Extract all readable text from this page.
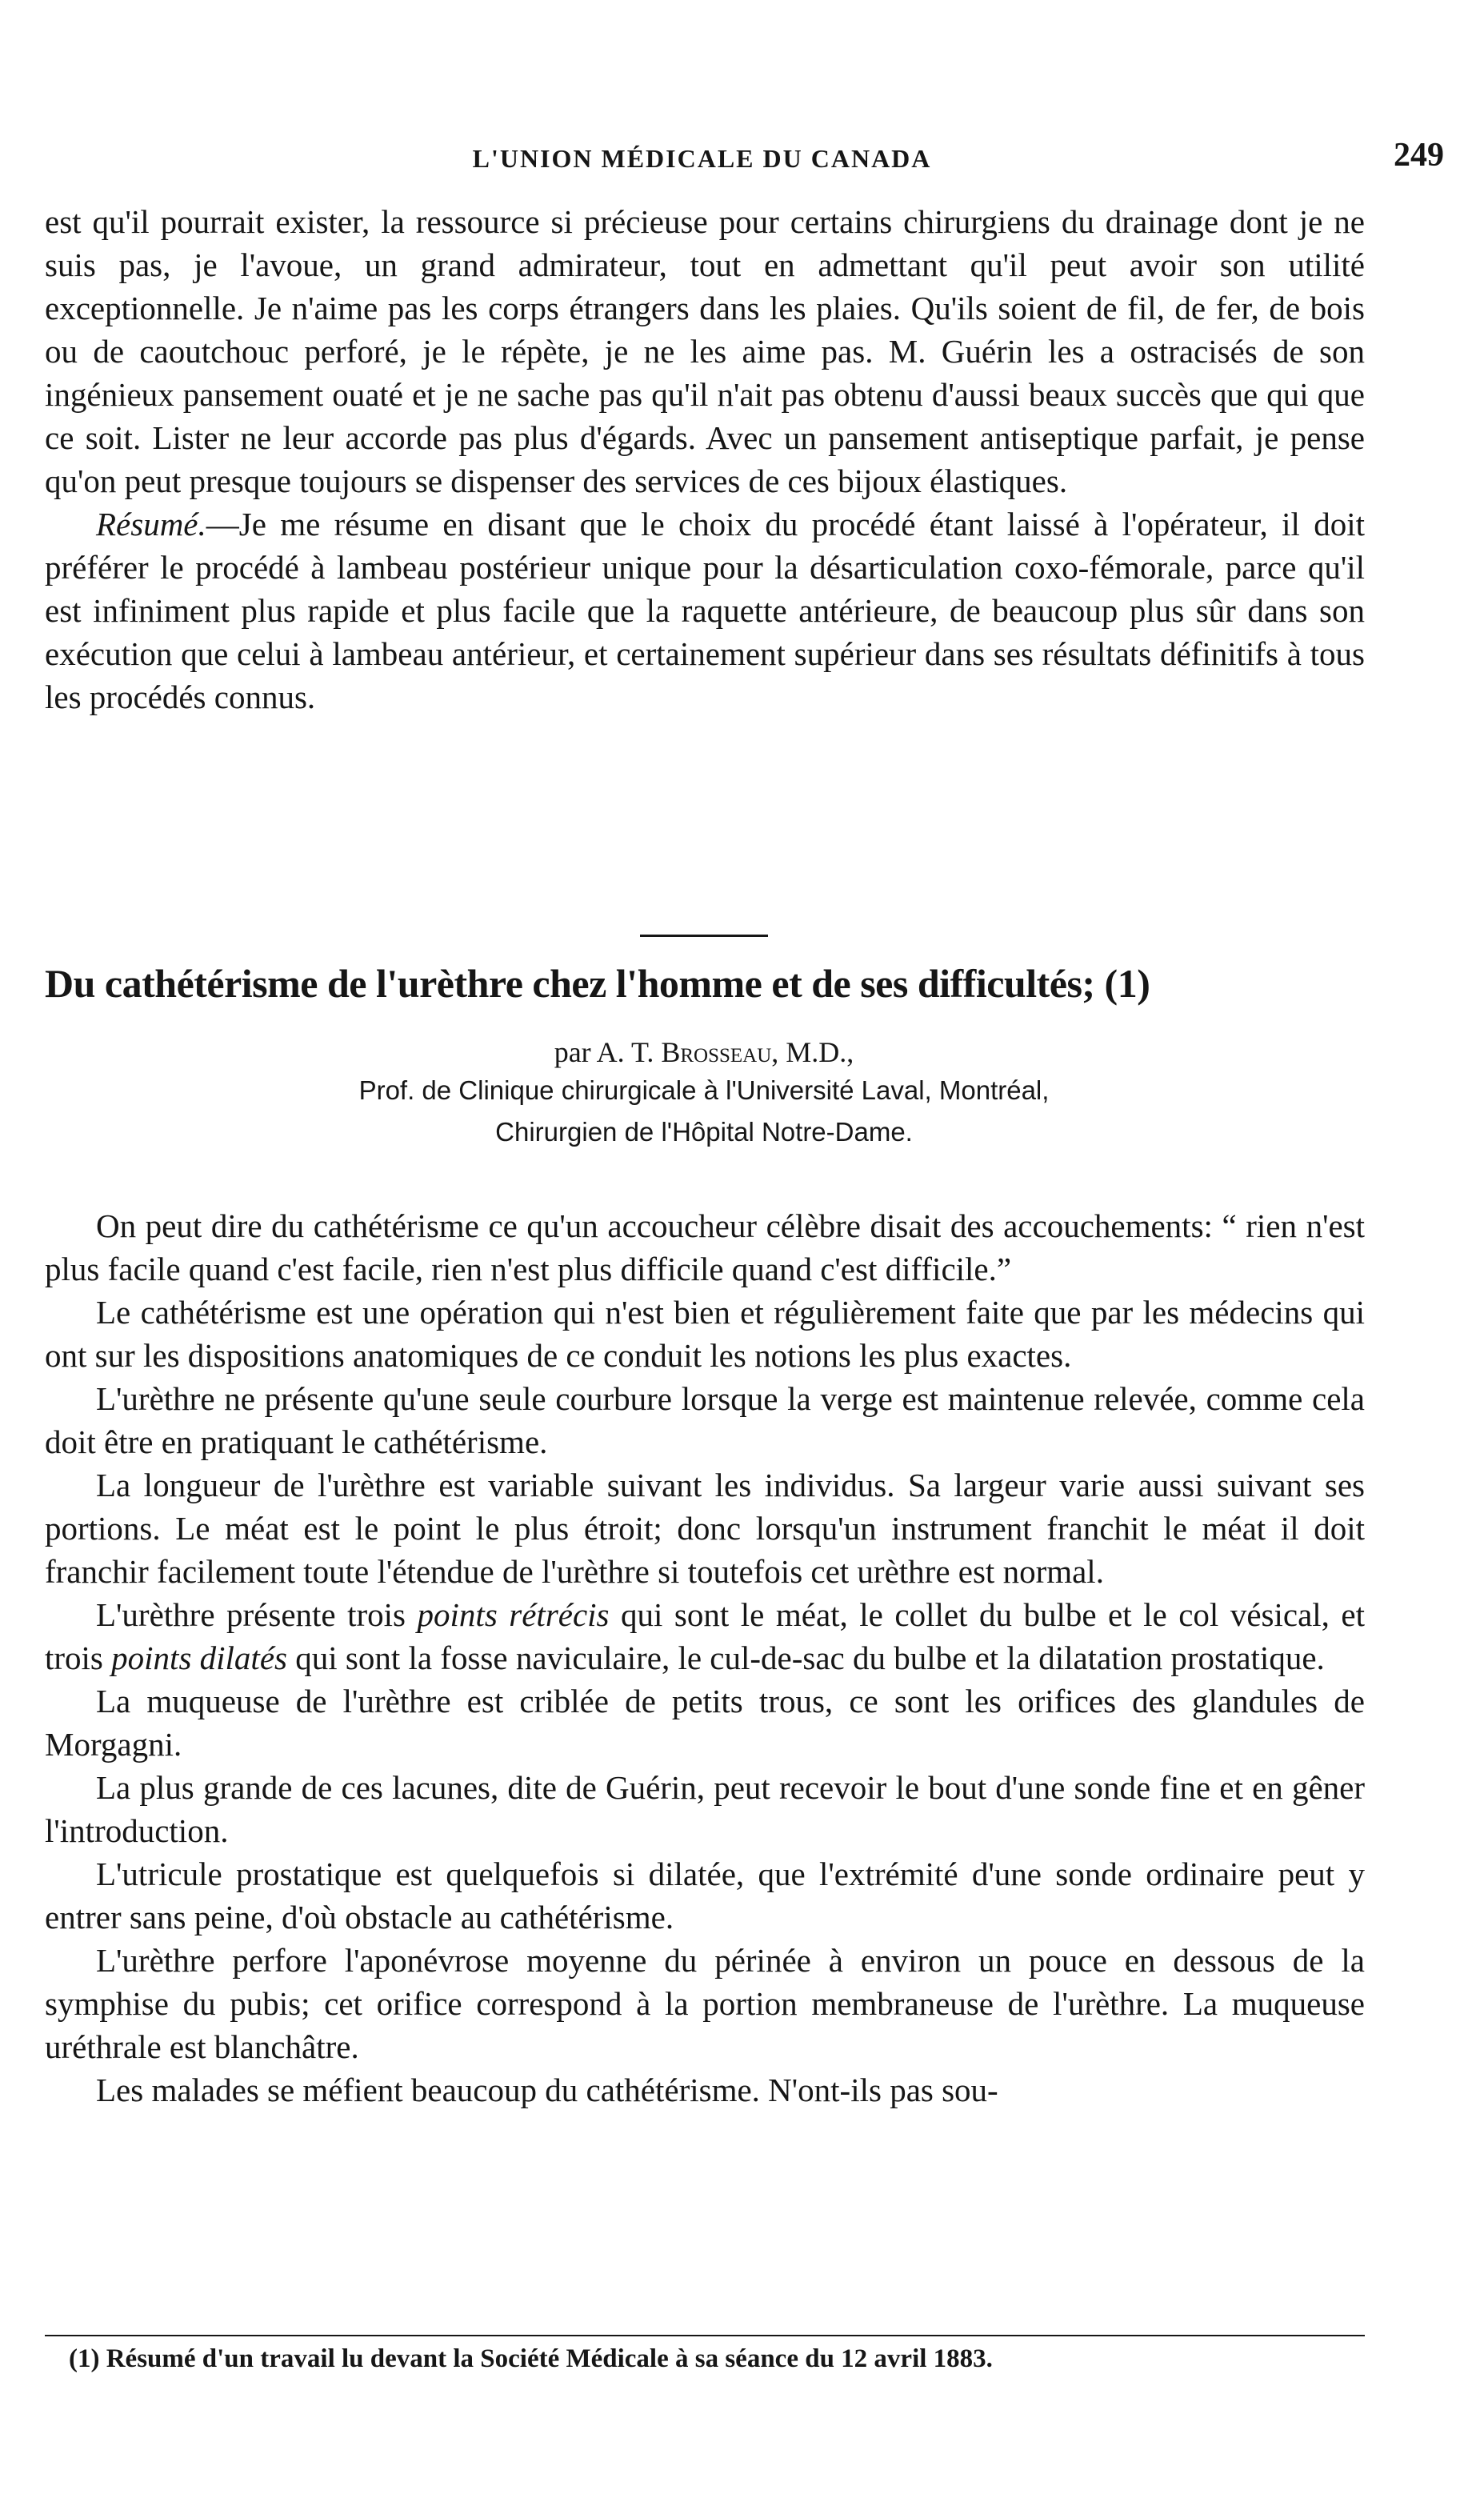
L'UNION MÉDICALE DU CANADA	249

est qu'il pourrait exister, la ressource si précieuse pour certains chirurgiens du drainage dont je ne suis pas, je l'avoue, un grand admirateur, tout en admettant qu'il peut avoir son utilité exceptionnelle. Je n'aime pas les corps étrangers dans les plaies. Qu'ils soient de fil, de fer, de bois ou de caoutchouc perforé, je le répète, je ne les aime pas. M. Guérin les a ostracisés de son ingénieux pansement ouaté et je ne sache pas qu'il n'ait pas obtenu d'aussi beaux succès que qui que ce soit. Lister ne leur accorde pas plus d'égards. Avec un pansement antiseptique parfait, je pense qu'on peut presque toujours se dispenser des services de ces bijoux élastiques.

Résumé.—Je me résume en disant que le choix du procédé étant laissé à l'opérateur, il doit préférer le procédé à lambeau postérieur unique pour la désarticulation coxo-fémorale, parce qu'il est infiniment plus rapide et plus facile que la raquette antérieure, de beaucoup plus sûr dans son exécution que celui à lambeau antérieur, et certainement supérieur dans ses résultats définitifs à tous les procédés connus.

Du cathétérisme de l'urèthre chez l'homme et de ses difficultés; (1)
par A. T. Brosseau, M.D.,
Prof. de Clinique chirurgicale à l'Université Laval, Montréal,
Chirurgien de l'Hôpital Notre-Dame.

On peut dire du cathétérisme ce qu'un accoucheur célèbre disait des accouchements: “ rien n'est plus facile quand c'est facile, rien n'est plus difficile quand c'est difficile.”

Le cathétérisme est une opération qui n'est bien et régulièrement faite que par les médecins qui ont sur les dispositions anatomiques de ce conduit les notions les plus exactes.

L'urèthre ne présente qu'une seule courbure lorsque la verge est maintenue relevée, comme cela doit être en pratiquant le cathétérisme.

La longueur de l'urèthre est variable suivant les individus. Sa largeur varie aussi suivant ses portions. Le méat est le point le plus étroit; donc lorsqu'un instrument franchit le méat il doit franchir facilement toute l'étendue de l'urèthre si toutefois cet urèthre est normal.

L'urèthre présente trois points rétrécis qui sont le méat, le collet du bulbe et le col vésical, et trois points dilatés qui sont la fosse naviculaire, le cul-de-sac du bulbe et la dilatation prostatique.

La muqueuse de l'urèthre est criblée de petits trous, ce sont les orifices des glandules de Morgagni.

La plus grande de ces lacunes, dite de Guérin, peut recevoir le bout d'une sonde fine et en gêner l'introduction.

L'utricule prostatique est quelquefois si dilatée, que l'extrémité d'une sonde ordinaire peut y entrer sans peine, d'où obstacle au cathétérisme.

L'urèthre perfore l'aponévrose moyenne du périnée à environ un pouce en dessous de la symphise du pubis; cet orifice correspond à la portion membraneuse de l'urèthre. La muqueuse uréthrale est blanchâtre.

Les malades se méfient beaucoup du cathétérisme. N'ont-ils pas sou-

(1) Résumé d'un travail lu devant la Société Médicale à sa séance du 12 avril 1883.
